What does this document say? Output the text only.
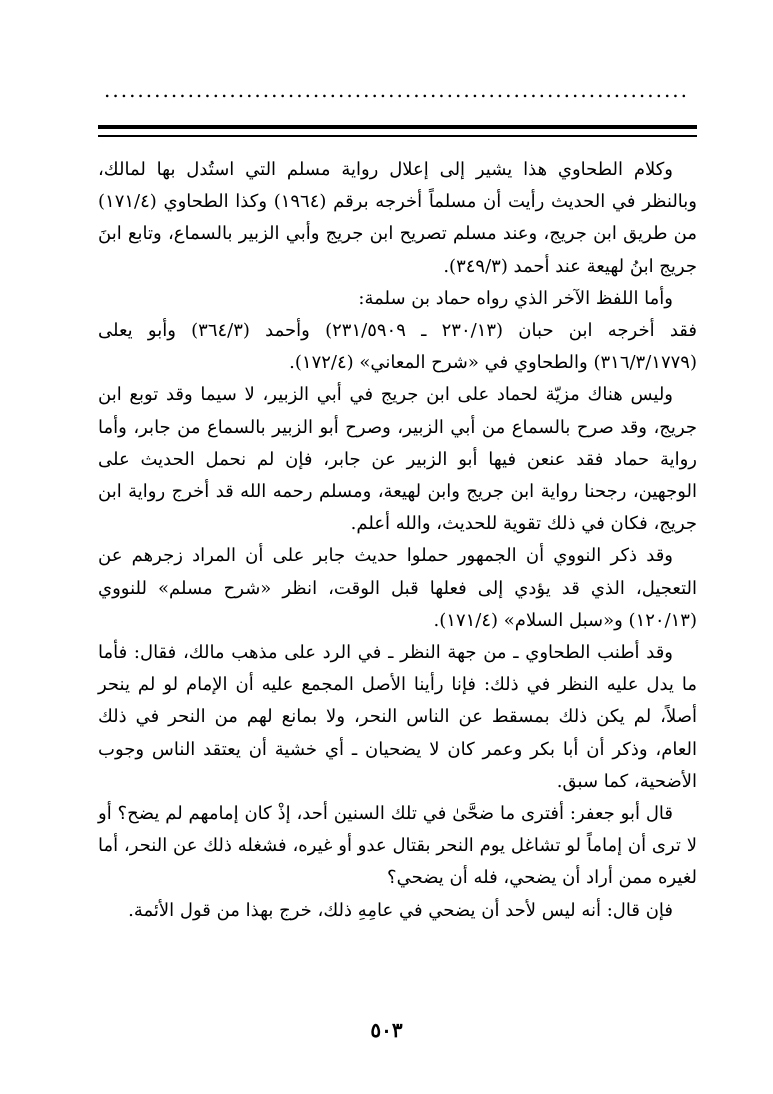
......................................................................

وكلام الطحاوي هذا يشير إلى إعلال رواية مسلم التي استُدل بها لمالك، وبالنظر في الحديث رأيت أن مسلماً أخرجه برقم (١٩٦٤) وكذا الطحاوي (١٧١/٤) من طريق ابن جريج، وعند مسلم تصريح ابن جريج وأبي الزبير بالسماع، وتابع ابنَ جريج ابنُ لهيعة عند أحمد (٣٤٩/٣).

وأما اللفظ الآخر الذي رواه حماد بن سلمة:

فقد أخرجه ابن حبان (٢٣٠/١٣ ـ ٢٣١/٥٩٠٩) وأحمد (٣٦٤/٣) وأبو يعلى (٣١٦/٣/١٧٧٩) والطحاوي في «شرح المعاني» (١٧٢/٤).

وليس هناك مزيّة لحماد على ابن جريج في أبي الزبير، لا سيما وقد توبع ابن جريج، وقد صرح بالسماع من أبي الزبير، وصرح أبو الزبير بالسماع من جابر، وأما رواية حماد فقد عنعن فيها أبو الزبير عن جابر، فإن لم نحمل الحديث على الوجهين، رجحنا رواية ابن جريج وابن لهيعة، ومسلم رحمه الله قد أخرج رواية ابن جريج، فكان في ذلك تقوية للحديث، والله أعلم.

وقد ذكر النووي أن الجمهور حملوا حديث جابر على أن المراد زجرهم عن التعجيل، الذي قد يؤدي إلى فعلها قبل الوقت، انظر «شرح مسلم» للنووي (١٢٠/١٣) و«سبل السلام» (١٧١/٤).

وقد أطنب الطحاوي ـ من جهة النظر ـ في الرد على مذهب مالك، فقال: فأما ما يدل عليه النظر في ذلك: فإنا رأينا الأصل المجمع عليه أن الإمام لو لم ينحر أصلاً، لم يكن ذلك بمسقط عن الناس النحر، ولا بمانع لهم من النحر في ذلك العام، وذكر أن أبا بكر وعمر كان لا يضحيان ـ أي خشية أن يعتقد الناس وجوب الأضحية، كما سبق.

قال أبو جعفر: أفترى ما ضحَّىٰ في تلك السنين أحد، إذْ كان إمامهم لم يضح؟ أو لا ترى أن إماماً لو تشاغل يوم النحر بقتال عدو أو غيره، فشغله ذلك عن النحر، أما لغيره ممن أراد أن يضحي، فله أن يضحي؟

فإن قال: أنه ليس لأحد أن يضحي في عامِهِ ذلك، خرج بهذا من قول الأئمة.

٥٠٣
